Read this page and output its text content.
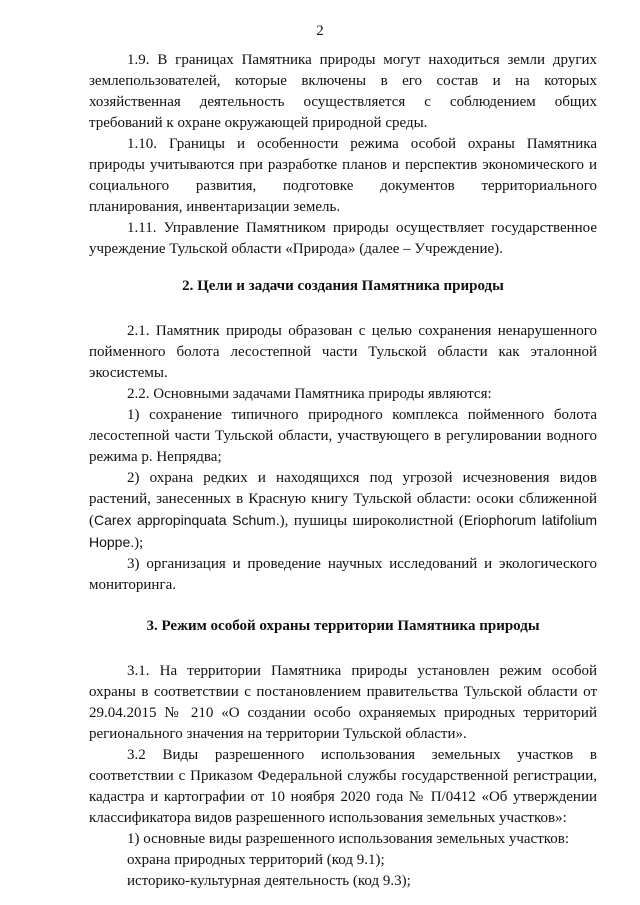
2

1.9. В границах Памятника природы могут находиться земли других землепользователей, которые включены в его состав и на которых хозяйственная деятельность осуществляется с соблюдением общих требований к охране окружающей природной среды.

1.10. Границы и особенности режима особой охраны Памятника природы учитываются при разработке планов и перспектив экономического и социального развития, подготовке документов территориального планирования, инвентаризации земель.

1.11. Управление Памятником природы осуществляет государственное учреждение Тульской области «Природа» (далее – Учреждение).

2. Цели и задачи создания Памятника природы

2.1. Памятник природы образован с целью сохранения ненарушенного пойменного болота лесостепной части Тульской области как эталонной экосистемы.

2.2. Основными задачами Памятника природы являются:

1) сохранение типичного природного комплекса пойменного болота лесостепной части Тульской области, участвующего в регулировании водного режима р. Непрядва;

2) охрана редких и находящихся под угрозой исчезновения видов растений, занесенных в Красную книгу Тульской области: осоки сближенной (Carex appropinquata Schum.), пушицы широколистной (Eriophorum latifolium Hoppe.);

3) организация и проведение научных исследований и экологического мониторинга.

3. Режим особой охраны территории Памятника природы

3.1. На территории Памятника природы установлен режим особой охраны в соответствии с постановлением правительства Тульской области от 29.04.2015 № 210 «О создании особо охраняемых природных территорий регионального значения на территории Тульской области».

3.2 Виды разрешенного использования земельных участков в соответствии с Приказом Федеральной службы государственной регистрации, кадастра и картографии от 10 ноября 2020 года № П/0412 «Об утверждении классификатора видов разрешенного использования земельных участков»:

1) основные виды разрешенного использования земельных участков:

охрана природных территорий (код 9.1);

историко-культурная деятельность (код 9.3);
